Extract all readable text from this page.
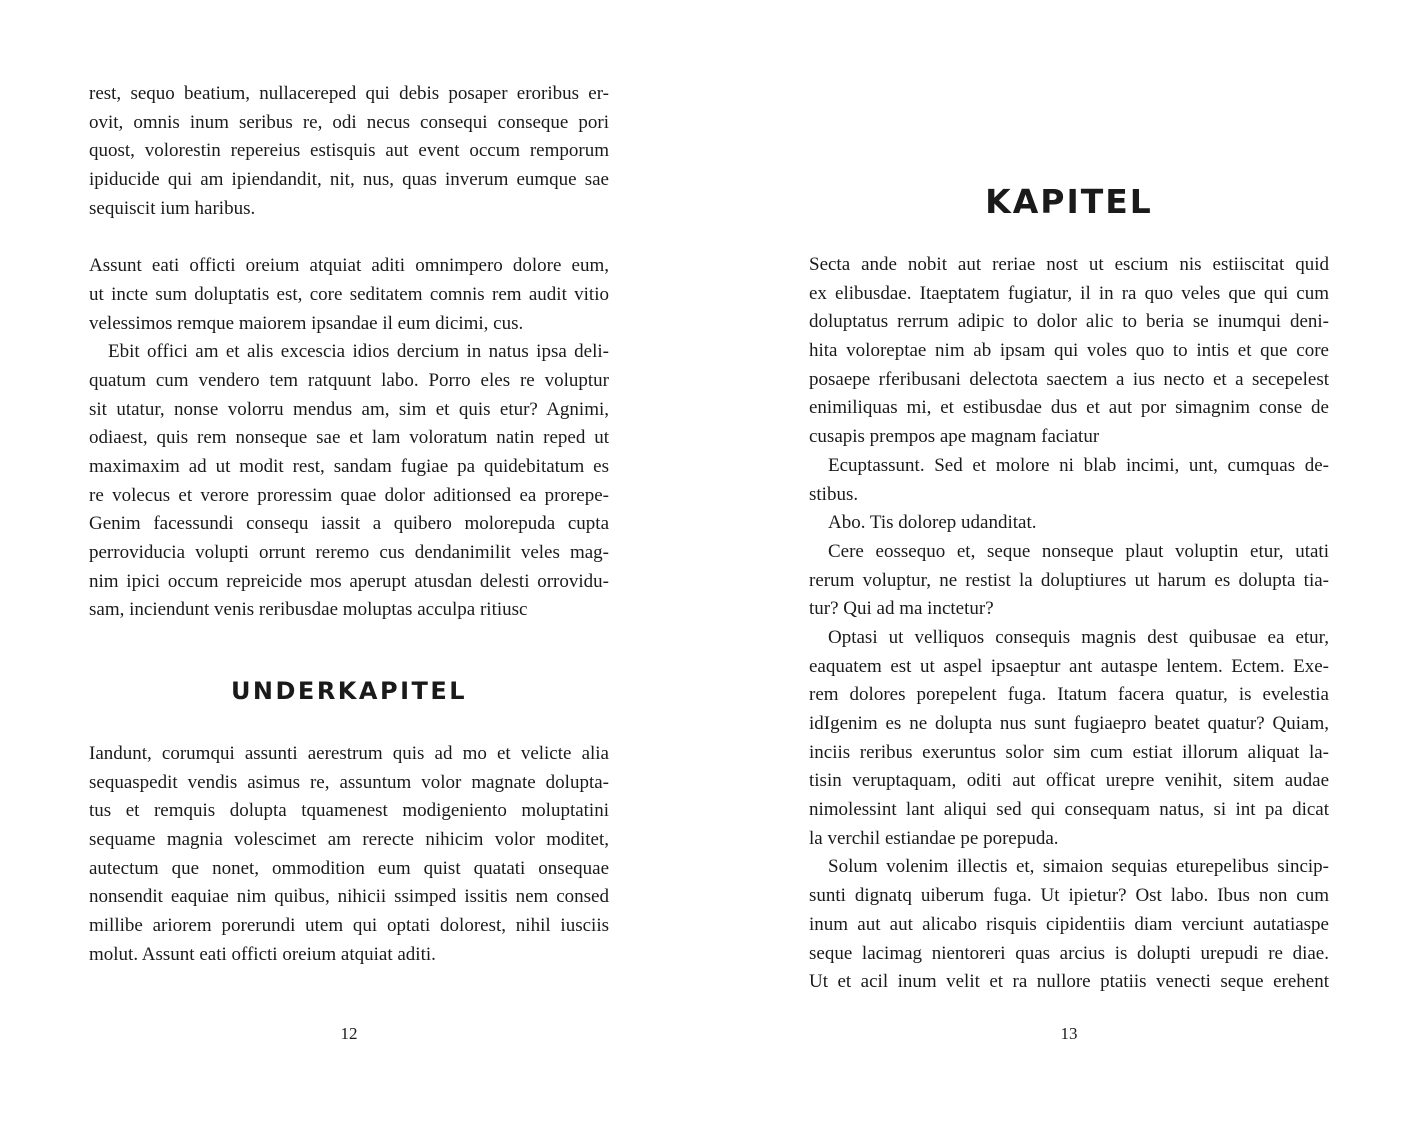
rest, sequo beatium, nullacereped qui debis posaper eroribus er-
ovit, omnis inum seribus re, odi necus consequi conseque pori
quost, volorestin repereius estisquis aut event occum remporum
ipiducide qui am ipiendandit, nit, nus, quas inverum eumque sae
sequiscit ium haribus.
Assunt eati officti oreium atquiat aditi omnimpero dolore eum,
ut incte sum doluptatis est, core seditatem comnis rem audit vitio
velessimos remque maiorem ipsandae il eum dicimi, cus.
Ebit offici am et alis excescia idios dercium in natus ipsa deli-
quatum cum vendero tem ratquunt labo. Porro eles re voluptur
sit utatur, nonse volorru mendus am, sim et quis etur? Agnimi,
odiaest, quis rem nonseque sae et lam voloratum natin reped ut
maximaxim ad ut modit rest, sandam fugiae pa quidebitatum es
re volecus et verore proressim quae dolor aditionsed ea prorepe-
Genim facessundi consequ iassit a quibero molorepuda cupta
perroviducia volupti orrunt reremo cus dendanimilit veles mag-
nim ipici occum repreicide mos aperupt atusdan delesti orrovidu-
sam, inciendunt venis reribusdae moluptas acculpa ritiusc
UNDERKAPITEL
Iandunt, corumqui assunti aerestrum quis ad mo et velicte alia
sequaspedit vendis asimus re, assuntum volor magnate dolupta-
tus et remquis dolupta tquamenest modigeniento moluptatini
sequame magnia volescimet am rerecte nihicim volor moditet,
autectum que nonet, ommodition eum quist quatati onsequae
nonsendit eaquiae nim quibus, nihicii ssimped issitis nem consed
millibe ariorem porerundi utem qui optati dolorest, nihil iusciis
molut. Assunt eati officti oreium atquiat aditi.
12
KAPITEL
Secta ande nobit aut reriae nost ut escium nis estiiscitat quid
ex elibusdae. Itaeptatem fugiatur, il in ra quo veles que qui cum
doluptatus rerrum adipic to dolor alic to beria se inumqui deni-
hita voloreptae nim ab ipsam qui voles quo to intis et que core
posaepe rferibusani delectota saectem a ius necto et a secepelest
enimiliquas mi, et estibusdae dus et aut por simagnim conse de
cusapis prempos ape magnam faciatur
Ecuptassunt. Sed et molore ni blab incimi, unt, cumquas de-
stibus.
Abo. Tis dolorep udanditat.
Cere eossequo et, seque nonseque plaut voluptin etur, utati
rerum voluptur, ne restist la doluptiures ut harum es dolupta tia-
tur? Qui ad ma inctetur?
Optasi ut velliquos consequis magnis dest quibusae ea etur,
eaquatem est ut aspel ipsaeptur ant autaspe lentem. Ectem. Exe-
rem dolores porepelent fuga. Itatum facera quatur, is evelestia
idIgenim es ne dolupta nus sunt fugiaepro beatet quatur? Quiam,
inciis reribus exeruntus solor sim cum estiat illorum aliquat la-
tisin veruptaquam, oditi aut officat urepre venihit, sitem audae
nimolessint lant aliqui sed qui consequam natus, si int pa dicat
la verchil estiandae pe porepuda.
Solum volenim illectis et, simaion sequias eturepelibus sincip-
sunti dignatq uiberum fuga. Ut ipietur? Ost labo. Ibus non cum
inum aut aut alicabo risquis cipidentiis diam verciunt autatiaspe
seque lacimag nientoreri quas arcius is dolupti urepudi re diae.
Ut et acil inum velit et ra nullore ptatiis venecti seque erehent
13
